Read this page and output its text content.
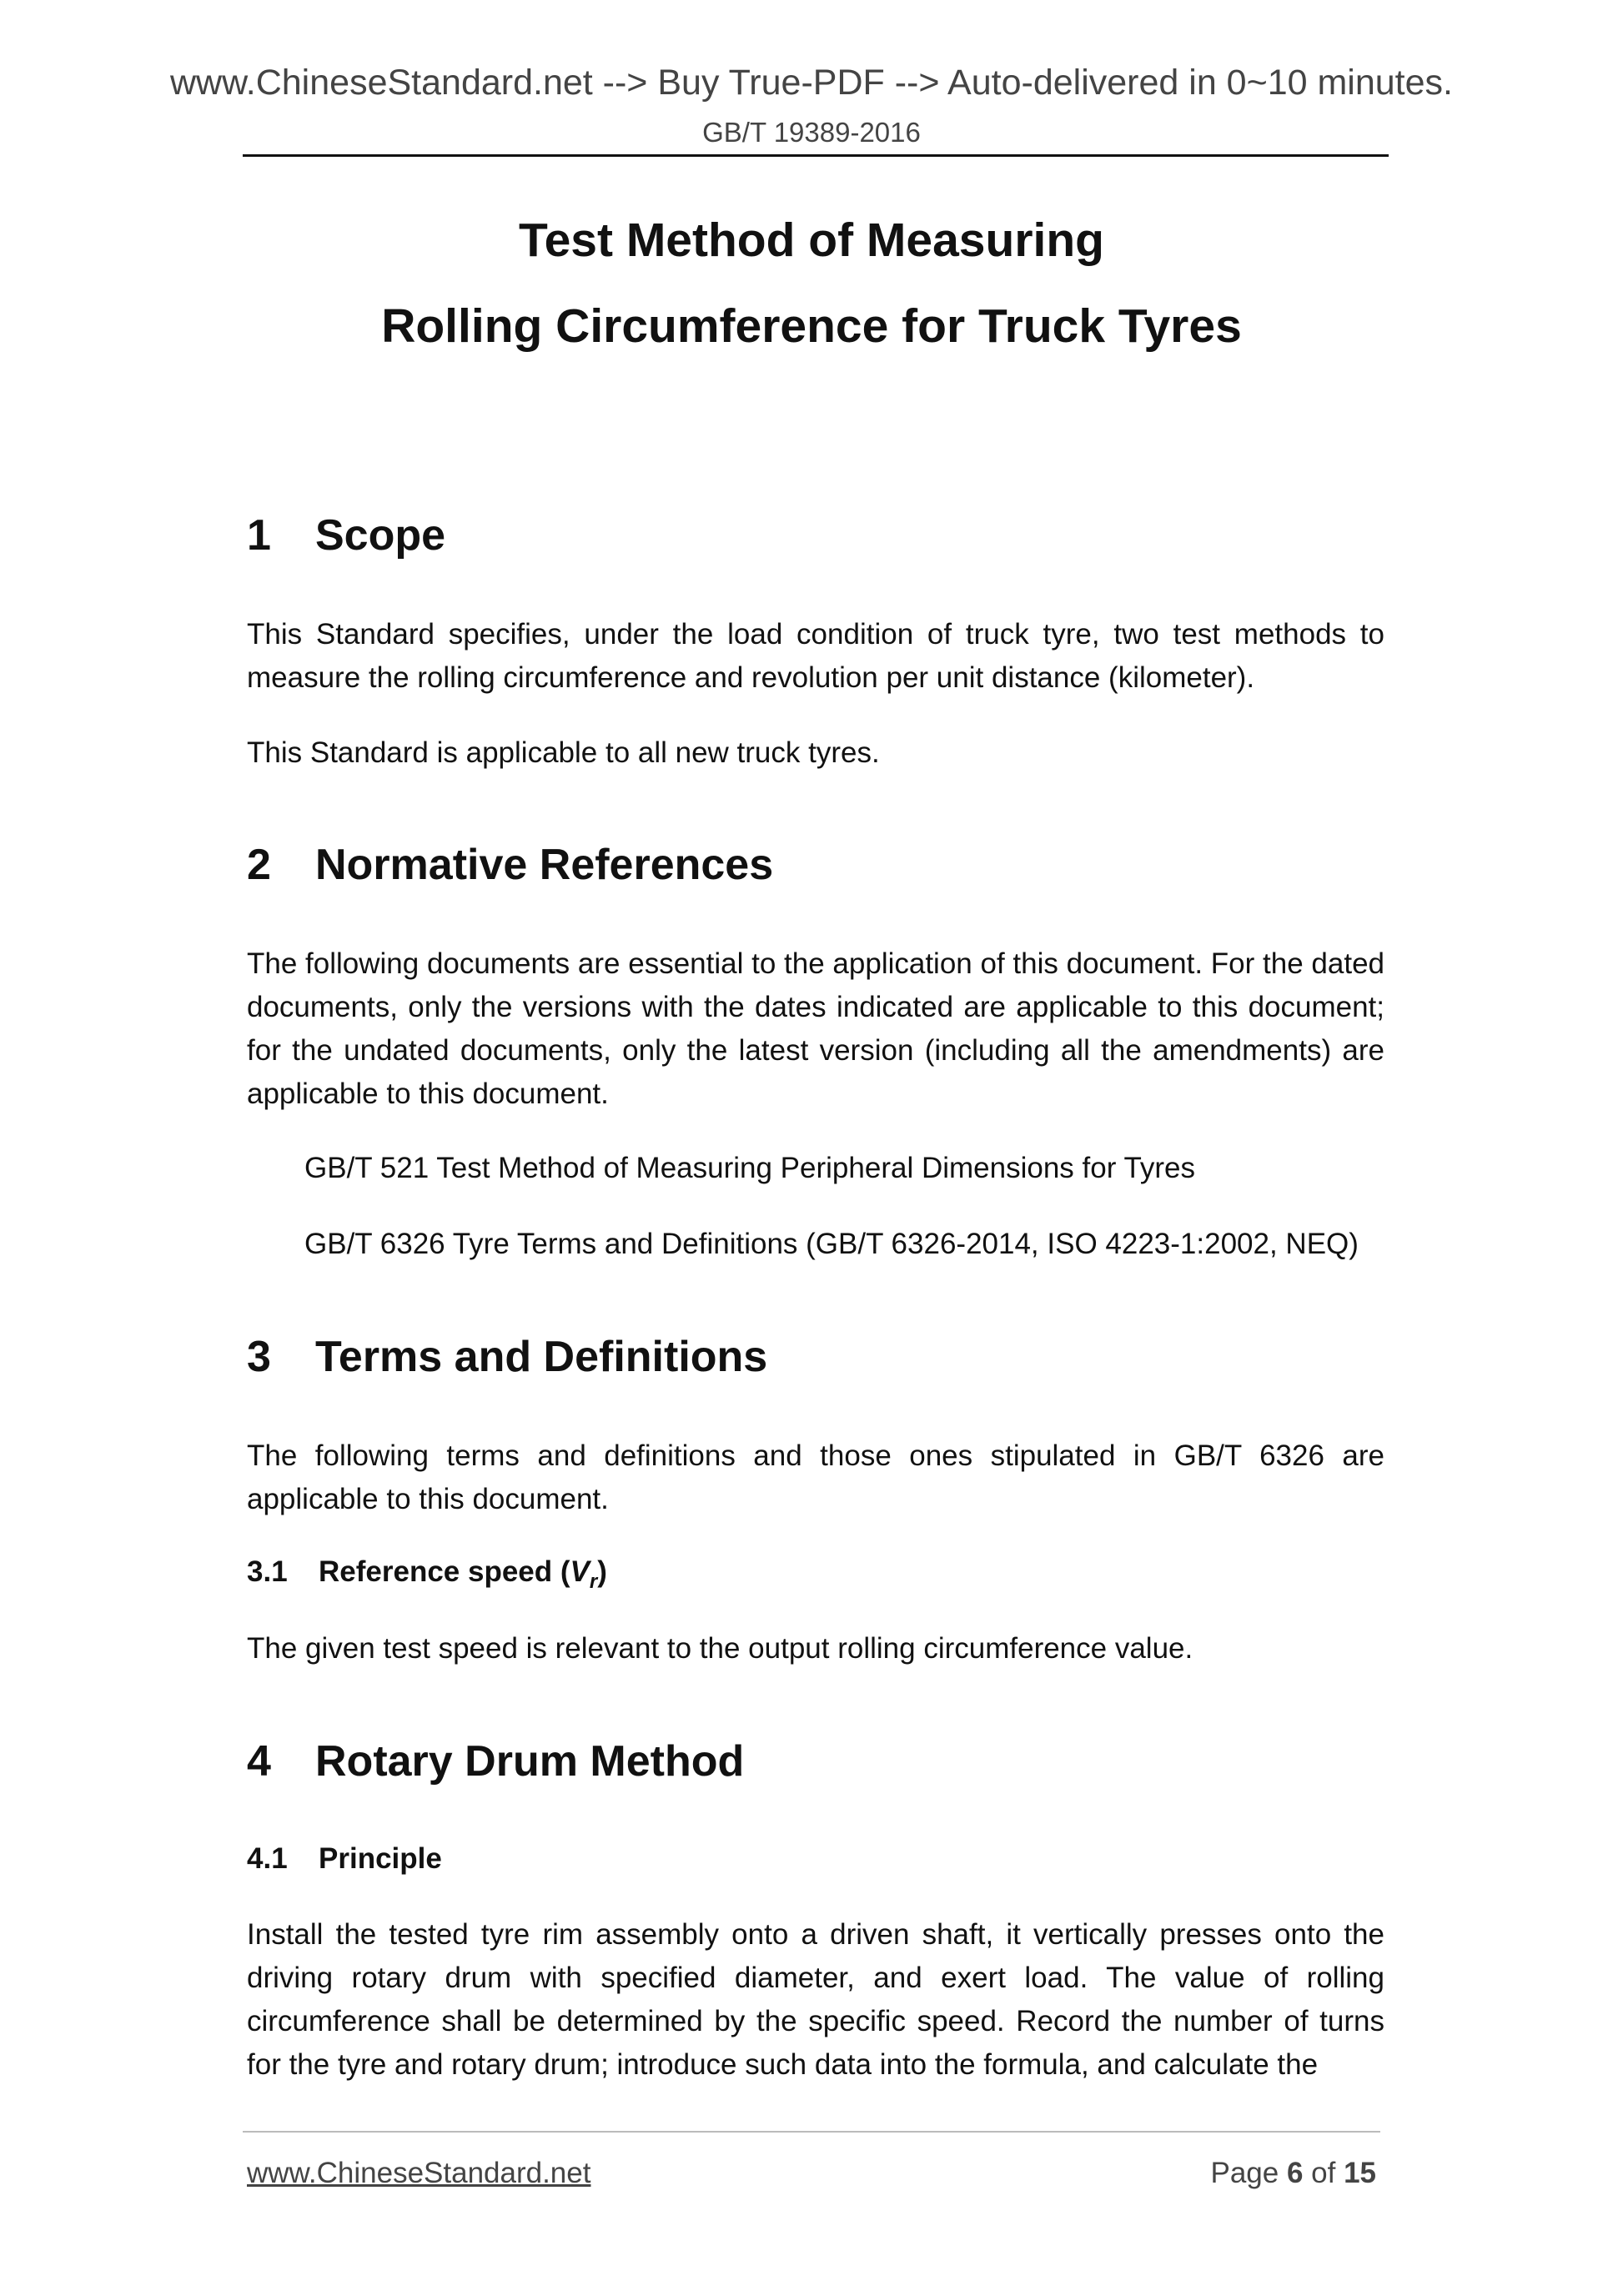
www.ChineseStandard.net --> Buy True-PDF --> Auto-delivered in 0~10 minutes.
GB/T 19389-2016
Test Method of Measuring
Rolling Circumference for Truck Tyres
1 Scope
This Standard specifies, under the load condition of truck tyre, two test methods to measure the rolling circumference and revolution per unit distance (kilometer).
This Standard is applicable to all new truck tyres.
2 Normative References
The following documents are essential to the application of this document. For the dated documents, only the versions with the dates indicated are applicable to this document; for the undated documents, only the latest version (including all the amendments) are applicable to this document.
GB/T 521 Test Method of Measuring Peripheral Dimensions for Tyres
GB/T 6326 Tyre Terms and Definitions (GB/T 6326-2014, ISO 4223-1:2002, NEQ)
3 Terms and Definitions
The following terms and definitions and those ones stipulated in GB/T 6326 are applicable to this document.
3.1 Reference speed $(V_r)$
The given test speed is relevant to the output rolling circumference value.
4 Rotary Drum Method
4.1 Principle
Install the tested tyre rim assembly onto a driven shaft, it vertically presses onto the driving rotary drum with specified diameter, and exert load. The value of rolling circumference shall be determined by the specific speed. Record the number of turns for the tyre and rotary drum; introduce such data into the formula, and calculate the
www.ChineseStandard.net	Page 6 of 15
